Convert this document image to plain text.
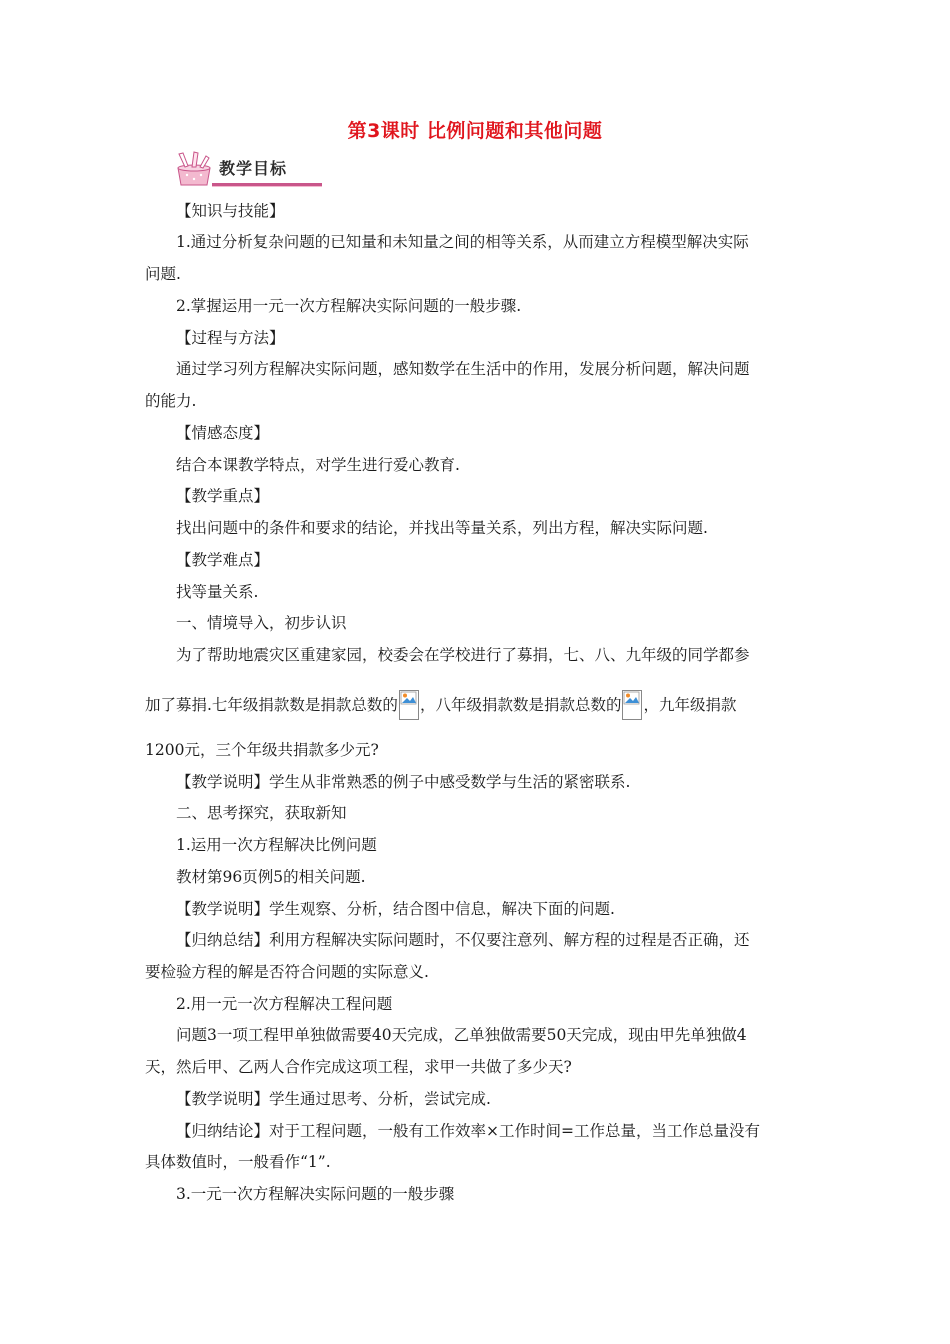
第3课时 比例问题和其他问题
教学目标
【知识与技能】
1.通过分析复杂问题的已知量和未知量之间的相等关系，从而建立方程模型解决实际
问题.
2.掌握运用一元一次方程解决实际问题的一般步骤.
【过程与方法】
通过学习列方程解决实际问题，感知数学在生活中的作用，发展分析问题，解决问题
的能力.
【情感态度】
结合本课教学特点，对学生进行爱心教育.
【教学重点】
找出问题中的条件和要求的结论，并找出等量关系，列出方程，解决实际问题.
【教学难点】
找等量关系.
一、情境导入，初步认识
为了帮助地震灾区重建家园，校委会在学校进行了募捐，七、八、九年级的同学都参
加了募捐.七年级捐款数是捐款总数的 ，八年级捐款数是捐款总数的 ，九年级捐款
1200元，三个年级共捐款多少元?
【教学说明】学生从非常熟悉的例子中感受数学与生活的紧密联系.
二、思考探究，获取新知
1.运用一次方程解决比例问题
教材第96页例5的相关问题.
【教学说明】学生观察、分析，结合图中信息，解决下面的问题.
【归纳总结】利用方程解决实际问题时，不仅要注意列、解方程的过程是否正确，还
要检验方程的解是否符合问题的实际意义.
2.用一元一次方程解决工程问题
问题3一项工程甲单独做需要40天完成，乙单独做需要50天完成，现由甲先单独做4
天，然后甲、乙两人合作完成这项工程，求甲一共做了多少天?
【教学说明】学生通过思考、分析，尝试完成.
【归纳结论】对于工程问题，一般有工作效率×工作时间=工作总量，当工作总量没有
具体数值时，一般看作“1”.
3.一元一次方程解决实际问题的一般步骤
